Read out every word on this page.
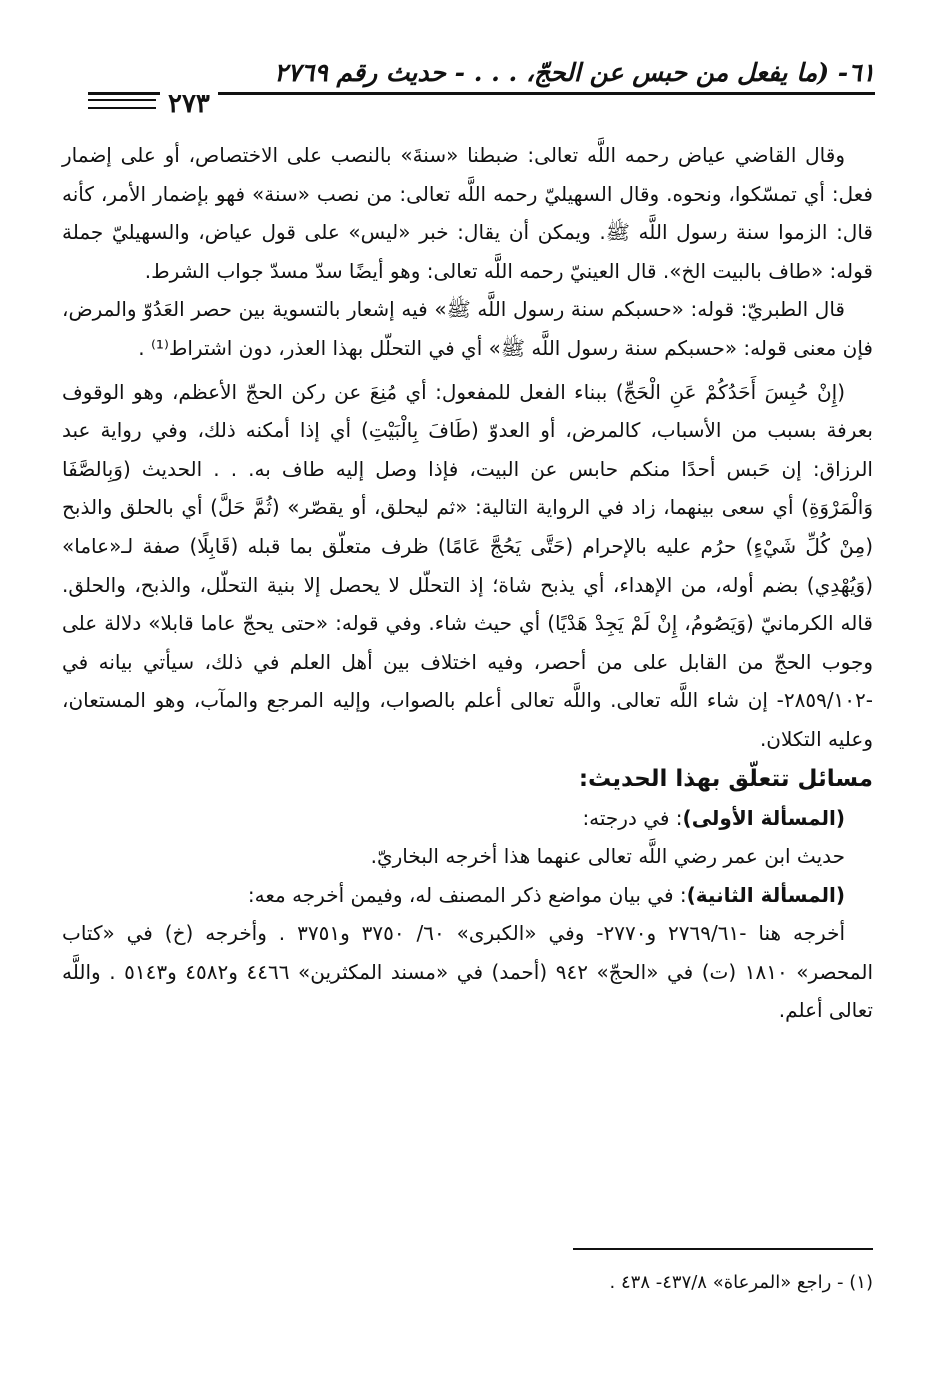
٦١- (ما يفعل من حبس عن الحجّ، . . . - حديث رقم ٢٧٦٩
٢٧٣

وقال القاضي عياض رحمه اللَّه تعالى: ضبطنا «سنةَ» بالنصب على الاختصاص، أو على إضمار فعل: أي تمسّكوا، ونحوه. وقال السهيليّ رحمه اللَّه تعالى: من نصب «سنة» فهو بإضمار الأمر، كأنه قال: الزموا سنة رسول اللَّه ﷺ. ويمكن أن يقال: خبر «ليس» على قول عياض، والسهيليّ جملة قوله: «طاف بالبيت الخ». قال العينيّ رحمه اللَّه تعالى: وهو أيضًا سدّ مسدّ جواب الشرط.

قال الطبريّ: قوله: «حسبكم سنة رسول اللَّه ﷺ» فيه إشعار بالتسوية بين حصر العَدُوّ والمرض، فإن معنى قوله: «حسبكم سنة رسول اللَّه ﷺ» أي في التحلّل بهذا العذر، دون اشتراط⁽¹⁾ .

(إِنْ حُبِسَ أَحَدُكُمْ عَنِ الْحَجِّ) ببناء الفعل للمفعول: أي مُنِعَ عن ركن الحجّ الأعظم، وهو الوقوف بعرفة بسبب من الأسباب، كالمرض، أو العدوّ (طَافَ بِالْبَيْتِ) أي إذا أمكنه ذلك، وفي رواية عبد الرزاق: إن حَبس أحدًا منكم حابس عن البيت، فإذا وصل إليه طاف به. . . الحديث (وَبِالصَّفَا وَالْمَرْوَةِ) أي سعى بينهما، زاد في الرواية التالية: «ثم ليحلق، أو يقصّر» (ثُمَّ حَلَّ) أي بالحلق والذبح (مِنْ كُلِّ شَيْءٍ) حرُم عليه بالإحرام (حَتَّى يَحُجَّ عَامًا) ظرف متعلّق بما قبله (قَابِلًا) صفة لـ«عاما» (وَيُهْدِي) بضم أوله، من الإهداء، أي يذبح شاة؛ إذ التحلّل لا يحصل إلا بنية التحلّل، والذبح، والحلق. قاله الكرمانيّ (وَيَصُومُ، إِنْ لَمْ يَجِدْ هَدْيًا) أي حيث شاء. وفي قوله: «حتى يحجّ عاما قابلا» دلالة على وجوب الحجّ من القابل على من أحصر، وفيه اختلاف بين أهل العلم في ذلك، سيأتي بيانه في -٢٨٥٩/١٠٢- إن شاء اللَّه تعالى. واللَّه تعالى أعلم بالصواب، وإليه المرجع والمآب، وهو المستعان، وعليه التكلان.

مسائل تتعلّق بهذا الحديث:

(المسألة الأولى): في درجته:

حديث ابن عمر رضي اللَّه تعالى عنهما هذا أخرجه البخاريّ.

(المسألة الثانية): في بيان مواضع ذكر المصنف له، وفيمن أخرجه معه:

أخرجه هنا -٢٧٦٩/٦١ و٢٧٧٠- وفي «الكبرى» ٦٠/ ٣٧٥٠ و٣٧٥١ . وأخرجه (خ) في «كتاب المحصر» ١٨١٠ (ت) في «الحجّ» ٩٤٢ (أحمد) في «مسند المكثرين» ٤٤٦٦ و٤٥٨٢ و٥١٤٣ . واللَّه تعالى أعلم.

(١) - راجع «المرعاة» ٤٣٧/٨- ٤٣٨ .
